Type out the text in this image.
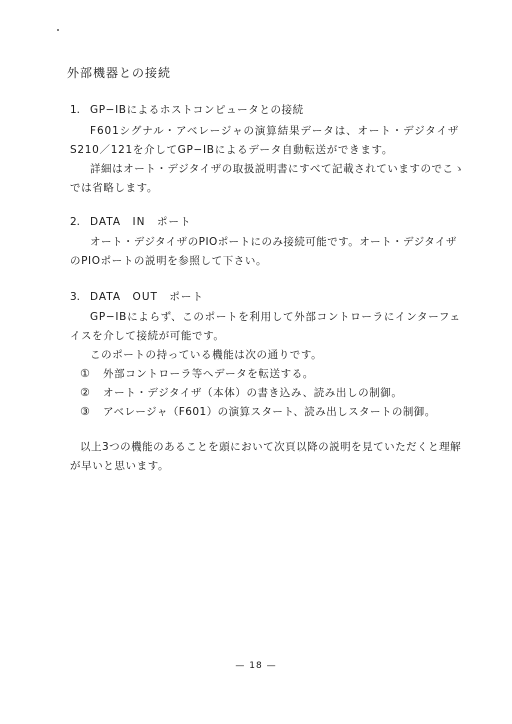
外部機器との接続
1. GP−IBによるホストコンピュータとの接続
F601シグナル・アベレージャの演算結果データは、オート・デジタイザ
S210／121を介してGP−IBによるデータ自動転送ができます。
詳細はオート・デジタイザの取扱説明書にすべて記載されていますのでこゝ
では省略します。
2. DATA　IN　ポート
オート・デジタイザのPIOポートにのみ接続可能です。オート・デジタイザ
のPIOポートの説明を参照して下さい。
3. DATA　OUT　ポート
GP−IBによらず、このポートを利用して外部コントローラにインターフェ
イスを介して接続が可能です。
このポートの持っている機能は次の通りです。
① 外部コントローラ等へデータを転送する。
② オート・デジタイザ（本体）の書き込み、読み出しの制御。
③ アベレージャ（F601）の演算スタート、読み出しスタートの制御。
以上3つの機能のあることを頭において次頁以降の説明を見ていただくと理解
が早いと思います。
— 18 —
